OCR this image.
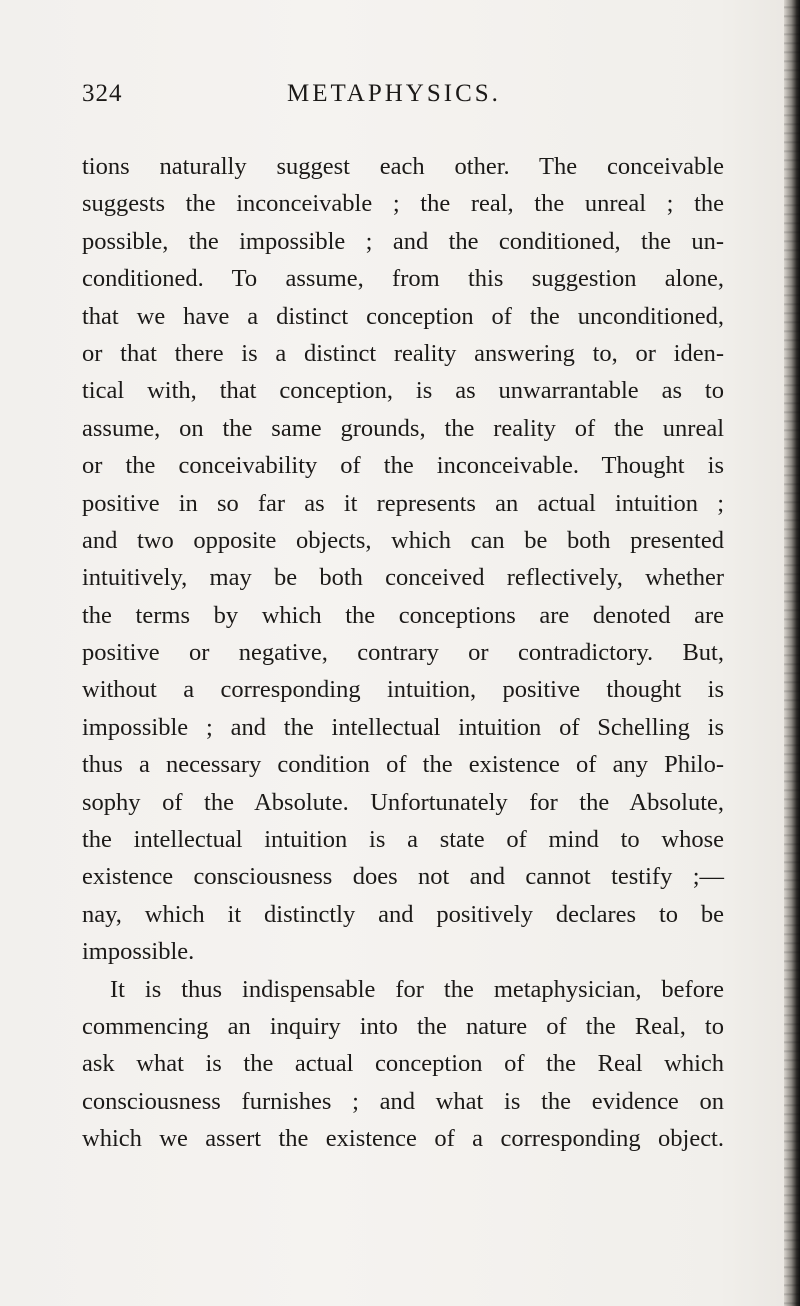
324	METAPHYSICS.
tions naturally suggest each other. The conceivable
suggests the inconceivable ; the real, the unreal ; the
possible, the impossible ; and the conditioned, the un-
conditioned. To assume, from this suggestion alone,
that we have a distinct conception of the unconditioned,
or that there is a distinct reality answering to, or iden-
tical with, that conception, is as unwarrantable as to
assume, on the same grounds, the reality of the unreal
or the conceivability of the inconceivable. Thought is
positive in so far as it represents an actual intuition ;
and two opposite objects, which can be both presented
intuitively, may be both conceived reflectively, whether
the terms by which the conceptions are denoted are
positive or negative, contrary or contradictory. But,
without a corresponding intuition, positive thought is
impossible ; and the intellectual intuition of Schelling is
thus a necessary condition of the existence of any Philo-
sophy of the Absolute. Unfortunately for the Absolute,
the intellectual intuition is a state of mind to whose
existence consciousness does not and cannot testify ;—
nay, which it distinctly and positively declares to be
impossible.
It is thus indispensable for the metaphysician, before
commencing an inquiry into the nature of the Real, to
ask what is the actual conception of the Real which
consciousness furnishes ; and what is the evidence on
which we assert the existence of a corresponding object.
